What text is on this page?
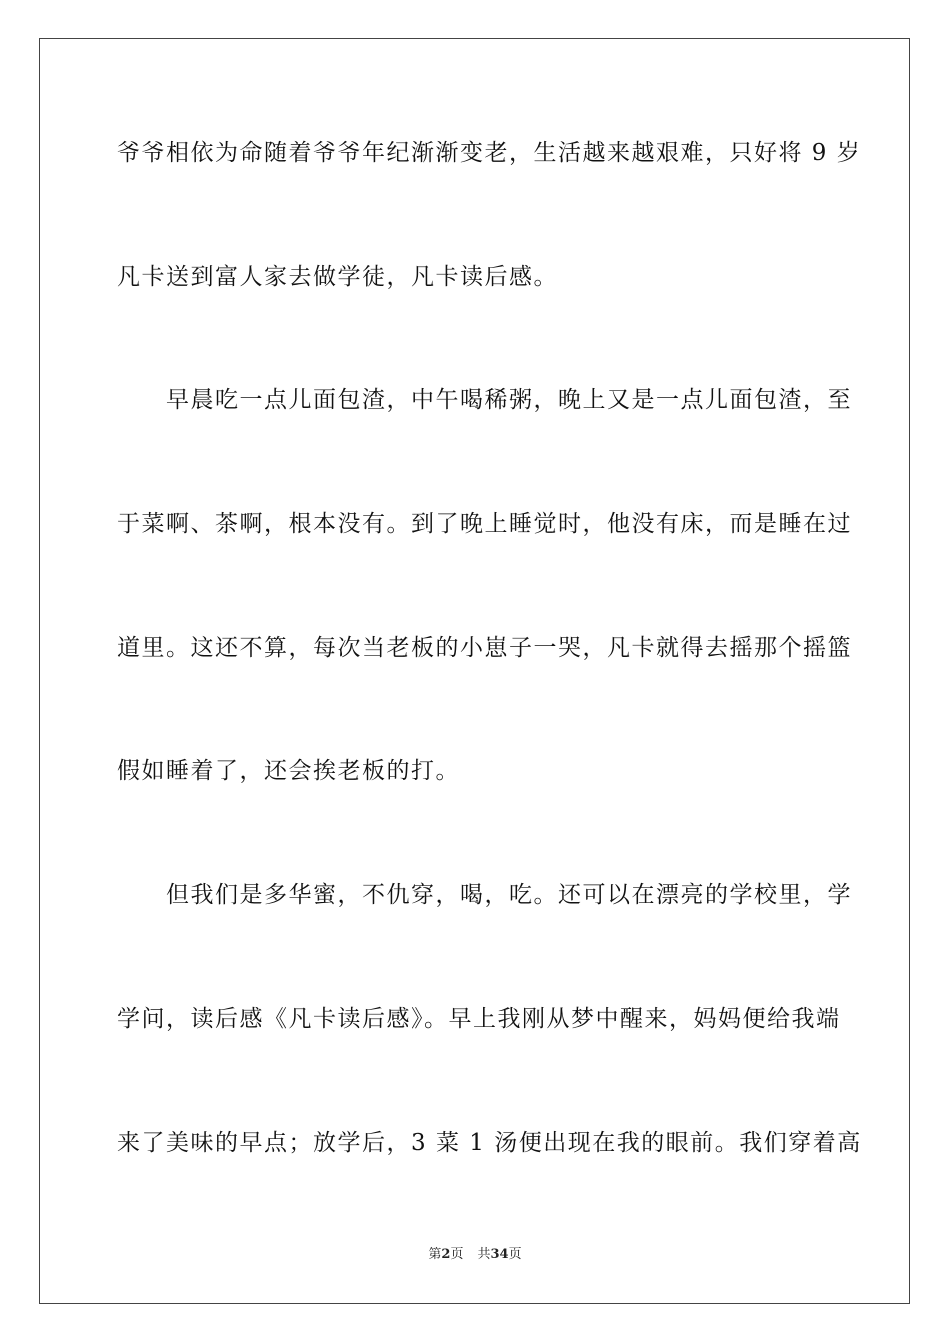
爷爷相依为命随着爷爷年纪渐渐变老，生活越来越艰难，只好将 9 岁
凡卡送到富人家去做学徒，凡卡读后感。
　　早晨吃一点儿面包渣，中午喝稀粥，晚上又是一点儿面包渣，至
于菜啊、茶啊，根本没有。到了晚上睡觉时，他没有床，而是睡在过
道里。这还不算，每次当老板的小崽子一哭，凡卡就得去摇那个摇篮
假如睡着了，还会挨老板的打。
　　但我们是多华蜜，不仇穿，喝，吃。还可以在漂亮的学校里，学
学问，读后感《凡卡读后感》。早上我刚从梦中醒来，妈妈便给我端
来了美味的早点；放学后，3 菜 1 汤便出现在我的眼前。我们穿着高
第2页 共34页
